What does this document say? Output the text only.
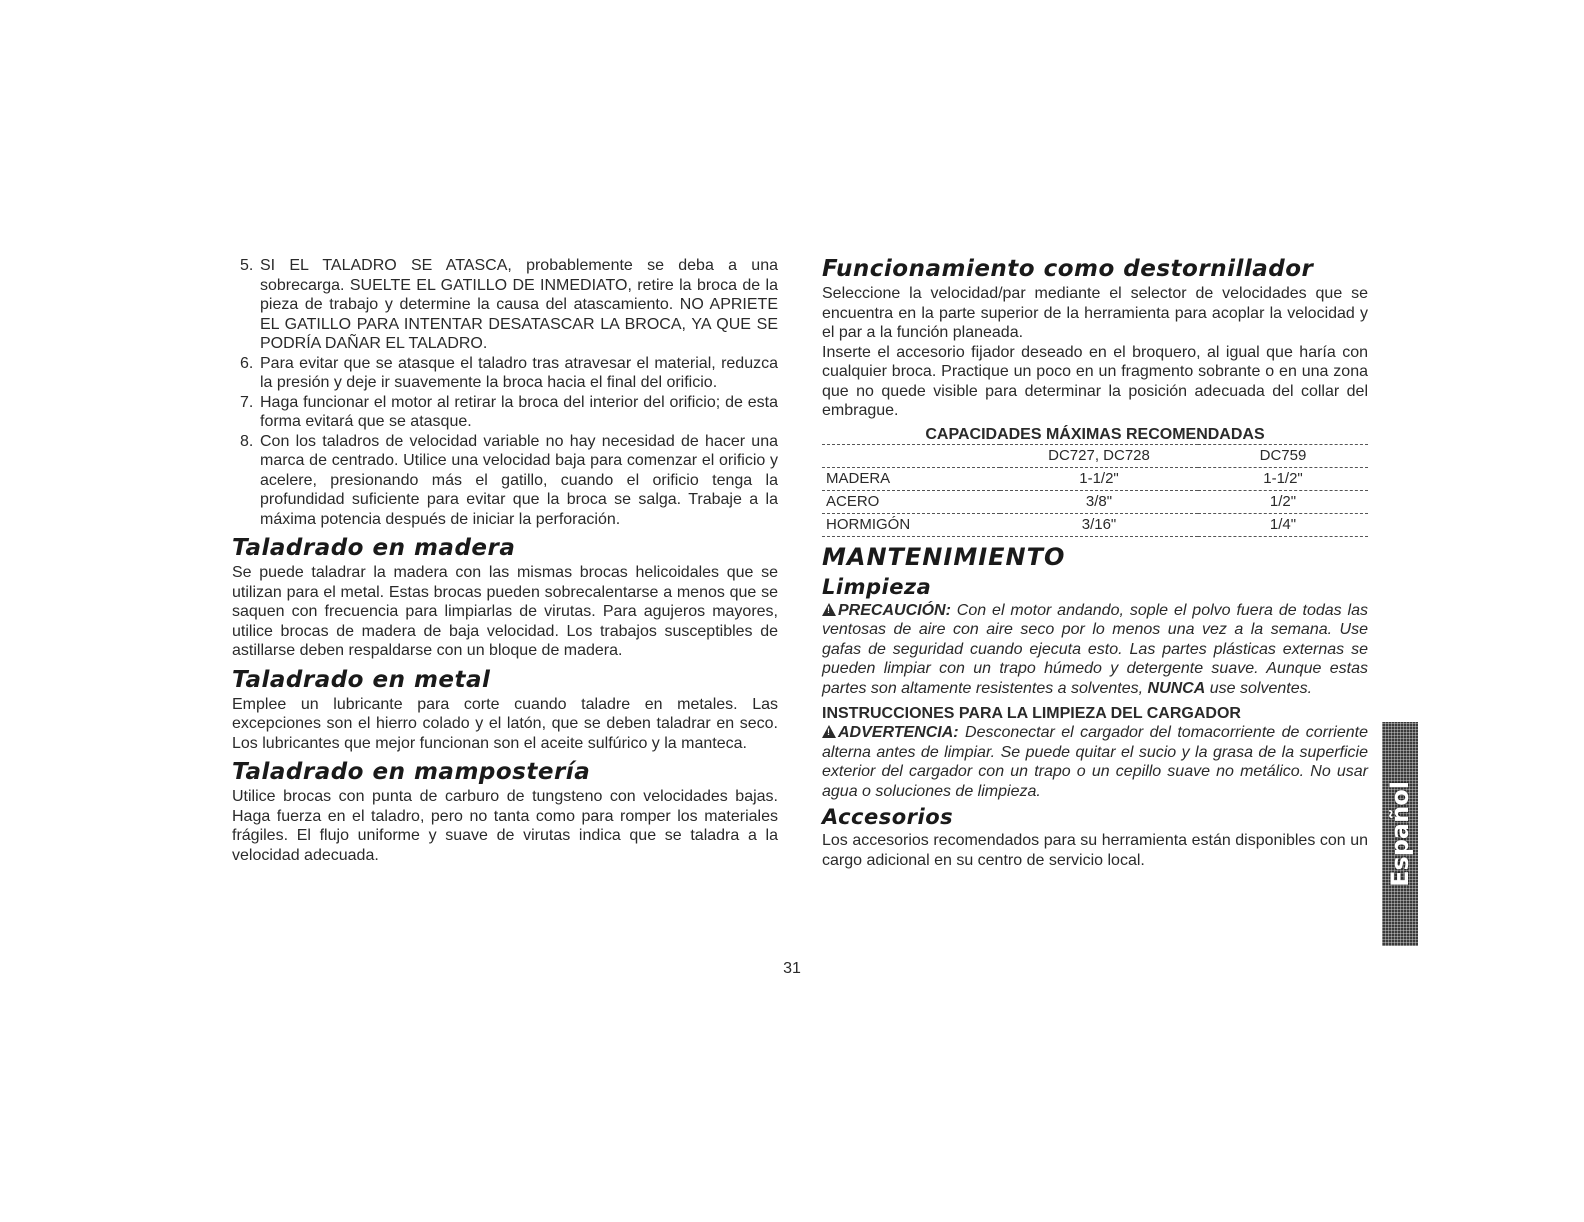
5. SI EL TALADRO SE ATASCA, probablemente se deba a una sobrecarga. SUELTE EL GATILLO DE INMEDIATO, retire la broca de la pieza de trabajo y determine la causa del atascamiento. NO APRIETE EL GATILLO PARA INTENTAR DESATASCAR LA BROCA, YA QUE SE PODRÍA DAÑAR EL TALADRO.
6. Para evitar que se atasque el taladro tras atravesar el material, reduzca la presión y deje ir suavemente la broca hacia el final del orificio.
7. Haga funcionar el motor al retirar la broca del interior del orificio; de esta forma evitará que se atasque.
8. Con los taladros de velocidad variable no hay necesidad de hacer una marca de centrado. Utilice una velocidad baja para comenzar el orificio y acelere, presionando más el gatillo, cuando el orificio tenga la profundidad suficiente para evitar que la broca se salga. Trabaje a la máxima potencia después de iniciar la perforación.
Taladrado en madera

Se puede taladrar la madera con las mismas brocas helicoidales que se utilizan para el metal. Estas brocas pueden sobrecalentarse a menos que se saquen con frecuencia para limpiarlas de virutas. Para agujeros mayores, utilice brocas de madera de baja velocidad. Los trabajos susceptibles de astillarse deben respaldarse con un bloque de madera.

Taladrado en metal

Emplee un lubricante para corte cuando taladre en metales. Las excepciones son el hierro colado y el latón, que se deben taladrar en seco. Los lubricantes que mejor funcionan son el aceite sulfúrico y la manteca.

Taladrado en mampostería

Utilice brocas con punta de carburo de tungsteno con velocidades bajas. Haga fuerza en el taladro, pero no tanta como para romper los materiales frágiles. El flujo uniforme y suave de virutas indica que se taladra a la velocidad adecuada.

Funcionamiento como destornillador

Seleccione la velocidad/par mediante el selector de velocidades que se encuentra en la parte superior de la herramienta para acoplar la velocidad y el par a la función planeada.

Inserte el accesorio fijador deseado en el broquero, al igual que haría con cualquier broca. Practique un poco en un fragmento sobrante o en una zona que no quede visible para determinar la posición adecuada del collar del embrague.

CAPACIDADES MÁXIMAS RECOMENDADAS
	DC727, DC728	DC759
MADERA	1-1/2"	1-1/2"
ACERO	3/8"	1/2"
HORMIGÓN	3/16"	1/4"
MANTENIMIENTO
Limpieza

!PRECAUCIÓN: Con el motor andando, sople el polvo fuera de todas las ventosas de aire con aire seco por lo menos una vez a la semana. Use gafas de seguridad cuando ejecuta esto. Las partes plásticas externas se pueden limpiar con un trapo húmedo y detergente suave. Aunque estas partes son altamente resistentes a solventes, NUNCA use solventes.

INSTRUCCIONES PARA LA LIMPIEZA DEL CARGADOR

!ADVERTENCIA: Desconectar el cargador del tomacorriente de corriente alterna antes de limpiar. Se puede quitar el sucio y la grasa de la superficie exterior del cargador con un trapo o un cepillo suave no metálico. No usar agua o soluciones de limpieza.

Accesorios

Los accesorios recomendados para su herramienta están disponibles con un cargo adicional en su centro de servicio local.	Español
31
